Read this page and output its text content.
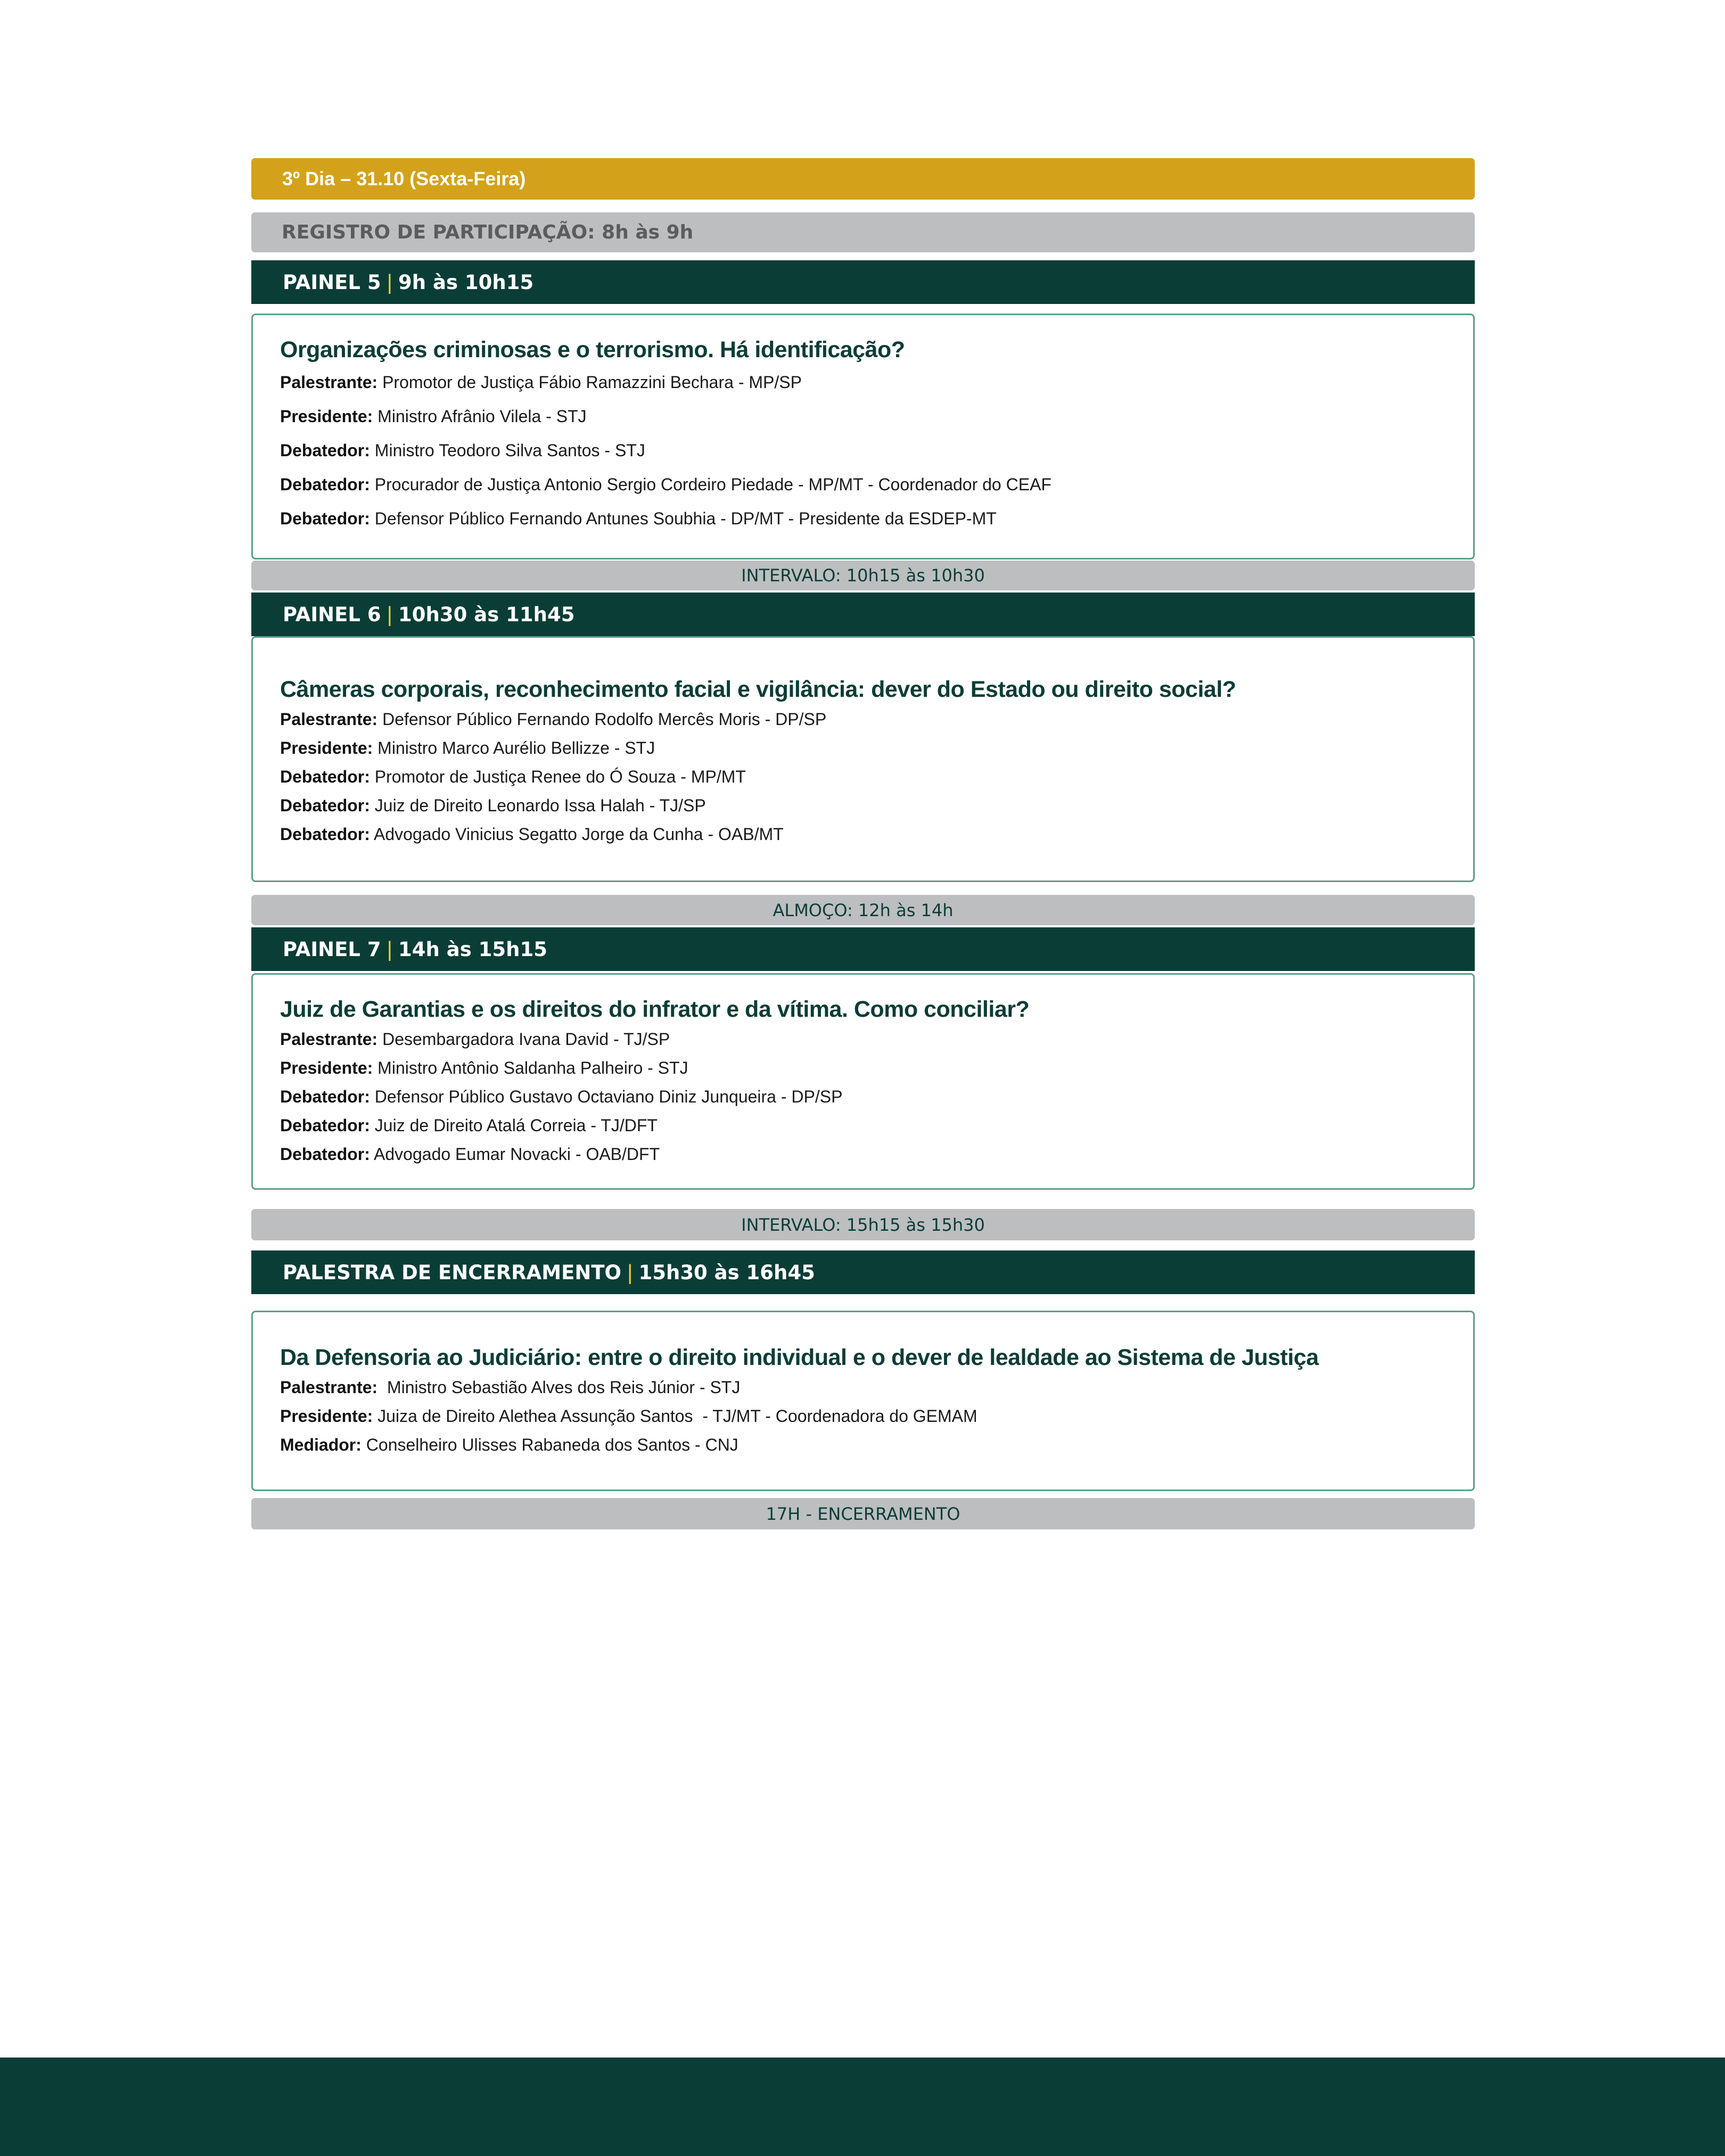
3º Dia – 31.10 (Sexta-Feira)
REGISTRO DE PARTICIPAÇÃO: 8h às 9h
PAINEL 5 | 9h às 10h15
Organizações criminosas e o terrorismo. Há identificação?
Palestrante: Promotor de Justiça Fábio Ramazzini Bechara - MP/SP
Presidente: Ministro Afrânio Vilela - STJ
Debatedor: Ministro Teodoro Silva Santos - STJ
Debatedor: Procurador de Justiça Antonio Sergio Cordeiro Piedade - MP/MT - Coordenador do CEAF
Debatedor: Defensor Público Fernando Antunes Soubhia - DP/MT - Presidente da ESDEP-MT
INTERVALO: 10h15 às 10h30
PAINEL 6 | 10h30 às 11h45
Câmeras corporais, reconhecimento facial e vigilância: dever do Estado ou direito social?
Palestrante: Defensor Público Fernando Rodolfo Mercês Moris - DP/SP
Presidente: Ministro Marco Aurélio Bellizze - STJ
Debatedor: Promotor de Justiça Renee do Ó Souza - MP/MT
Debatedor: Juiz de Direito Leonardo Issa Halah - TJ/SP
Debatedor: Advogado Vinicius Segatto Jorge da Cunha - OAB/MT
ALMOÇO: 12h às 14h
PAINEL 7 | 14h às 15h15
Juiz de Garantias e os direitos do infrator e da vítima. Como conciliar?
Palestrante: Desembargadora Ivana David - TJ/SP
Presidente: Ministro Antônio Saldanha Palheiro - STJ
Debatedor: Defensor Público Gustavo Octaviano Diniz Junqueira - DP/SP
Debatedor: Juiz de Direito Atalá Correia - TJ/DFT
Debatedor: Advogado Eumar Novacki - OAB/DFT
INTERVALO: 15h15 às 15h30
PALESTRA DE ENCERRAMENTO | 15h30 às 16h45
Da Defensoria ao Judiciário: entre o direito individual e o dever de lealdade ao Sistema de Justiça
Palestrante:  Ministro Sebastião Alves dos Reis Júnior - STJ
Presidente: Juiza de Direito Alethea Assunção Santos  - TJ/MT - Coordenadora do GEMAM
Mediador: Conselheiro Ulisses Rabaneda dos Santos - CNJ
17H - ENCERRAMENTO
